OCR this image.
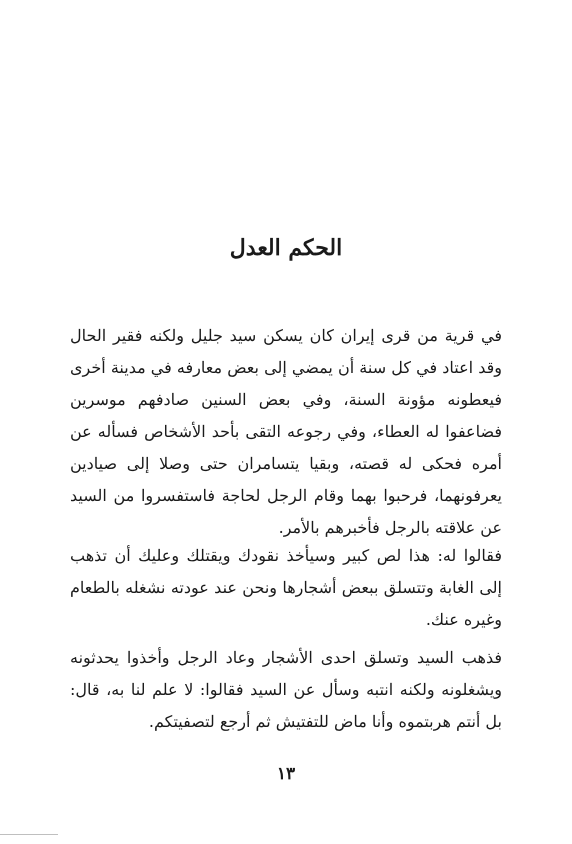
الحكم العدل

في قرية من قرى إيران كان يسكن سيد جليل ولكنه فقير الحال وقد اعتاد في كل سنة أن يمضي إلى بعض معارفه في مدينة أخرى فيعطونه مؤونة السنة، وفي بعض السنين صادفهم موسرين فضاعفوا له العطاء، وفي رجوعه التقى بأحد الأشخاص فسأله عن أمره فحكى له قصته، وبقيا يتسامران حتى وصلا إلى صيادين يعرفونهما، فرحبوا بهما وقام الرجل لحاجة فاستفسروا من السيد عن علاقته بالرجل فأخبرهم بالأمر.

فقالوا له: هذا لص كبير وسيأخذ نقودك ويقتلك وعليك أن تذهب إلى الغابة وتتسلق ببعض أشجارها ونحن عند عودته نشغله بالطعام وغيره عنك.

فذهب السيد وتسلق احدى الأشجار وعاد الرجل وأخذوا يحدثونه ويشغلونه ولكنه انتبه وسأل عن السيد فقالوا: لا علم لنا به، قال: بل أنتم هربتموه وأنا ماض للتفتيش ثم أرجع لتصفيتكم.

١٣
